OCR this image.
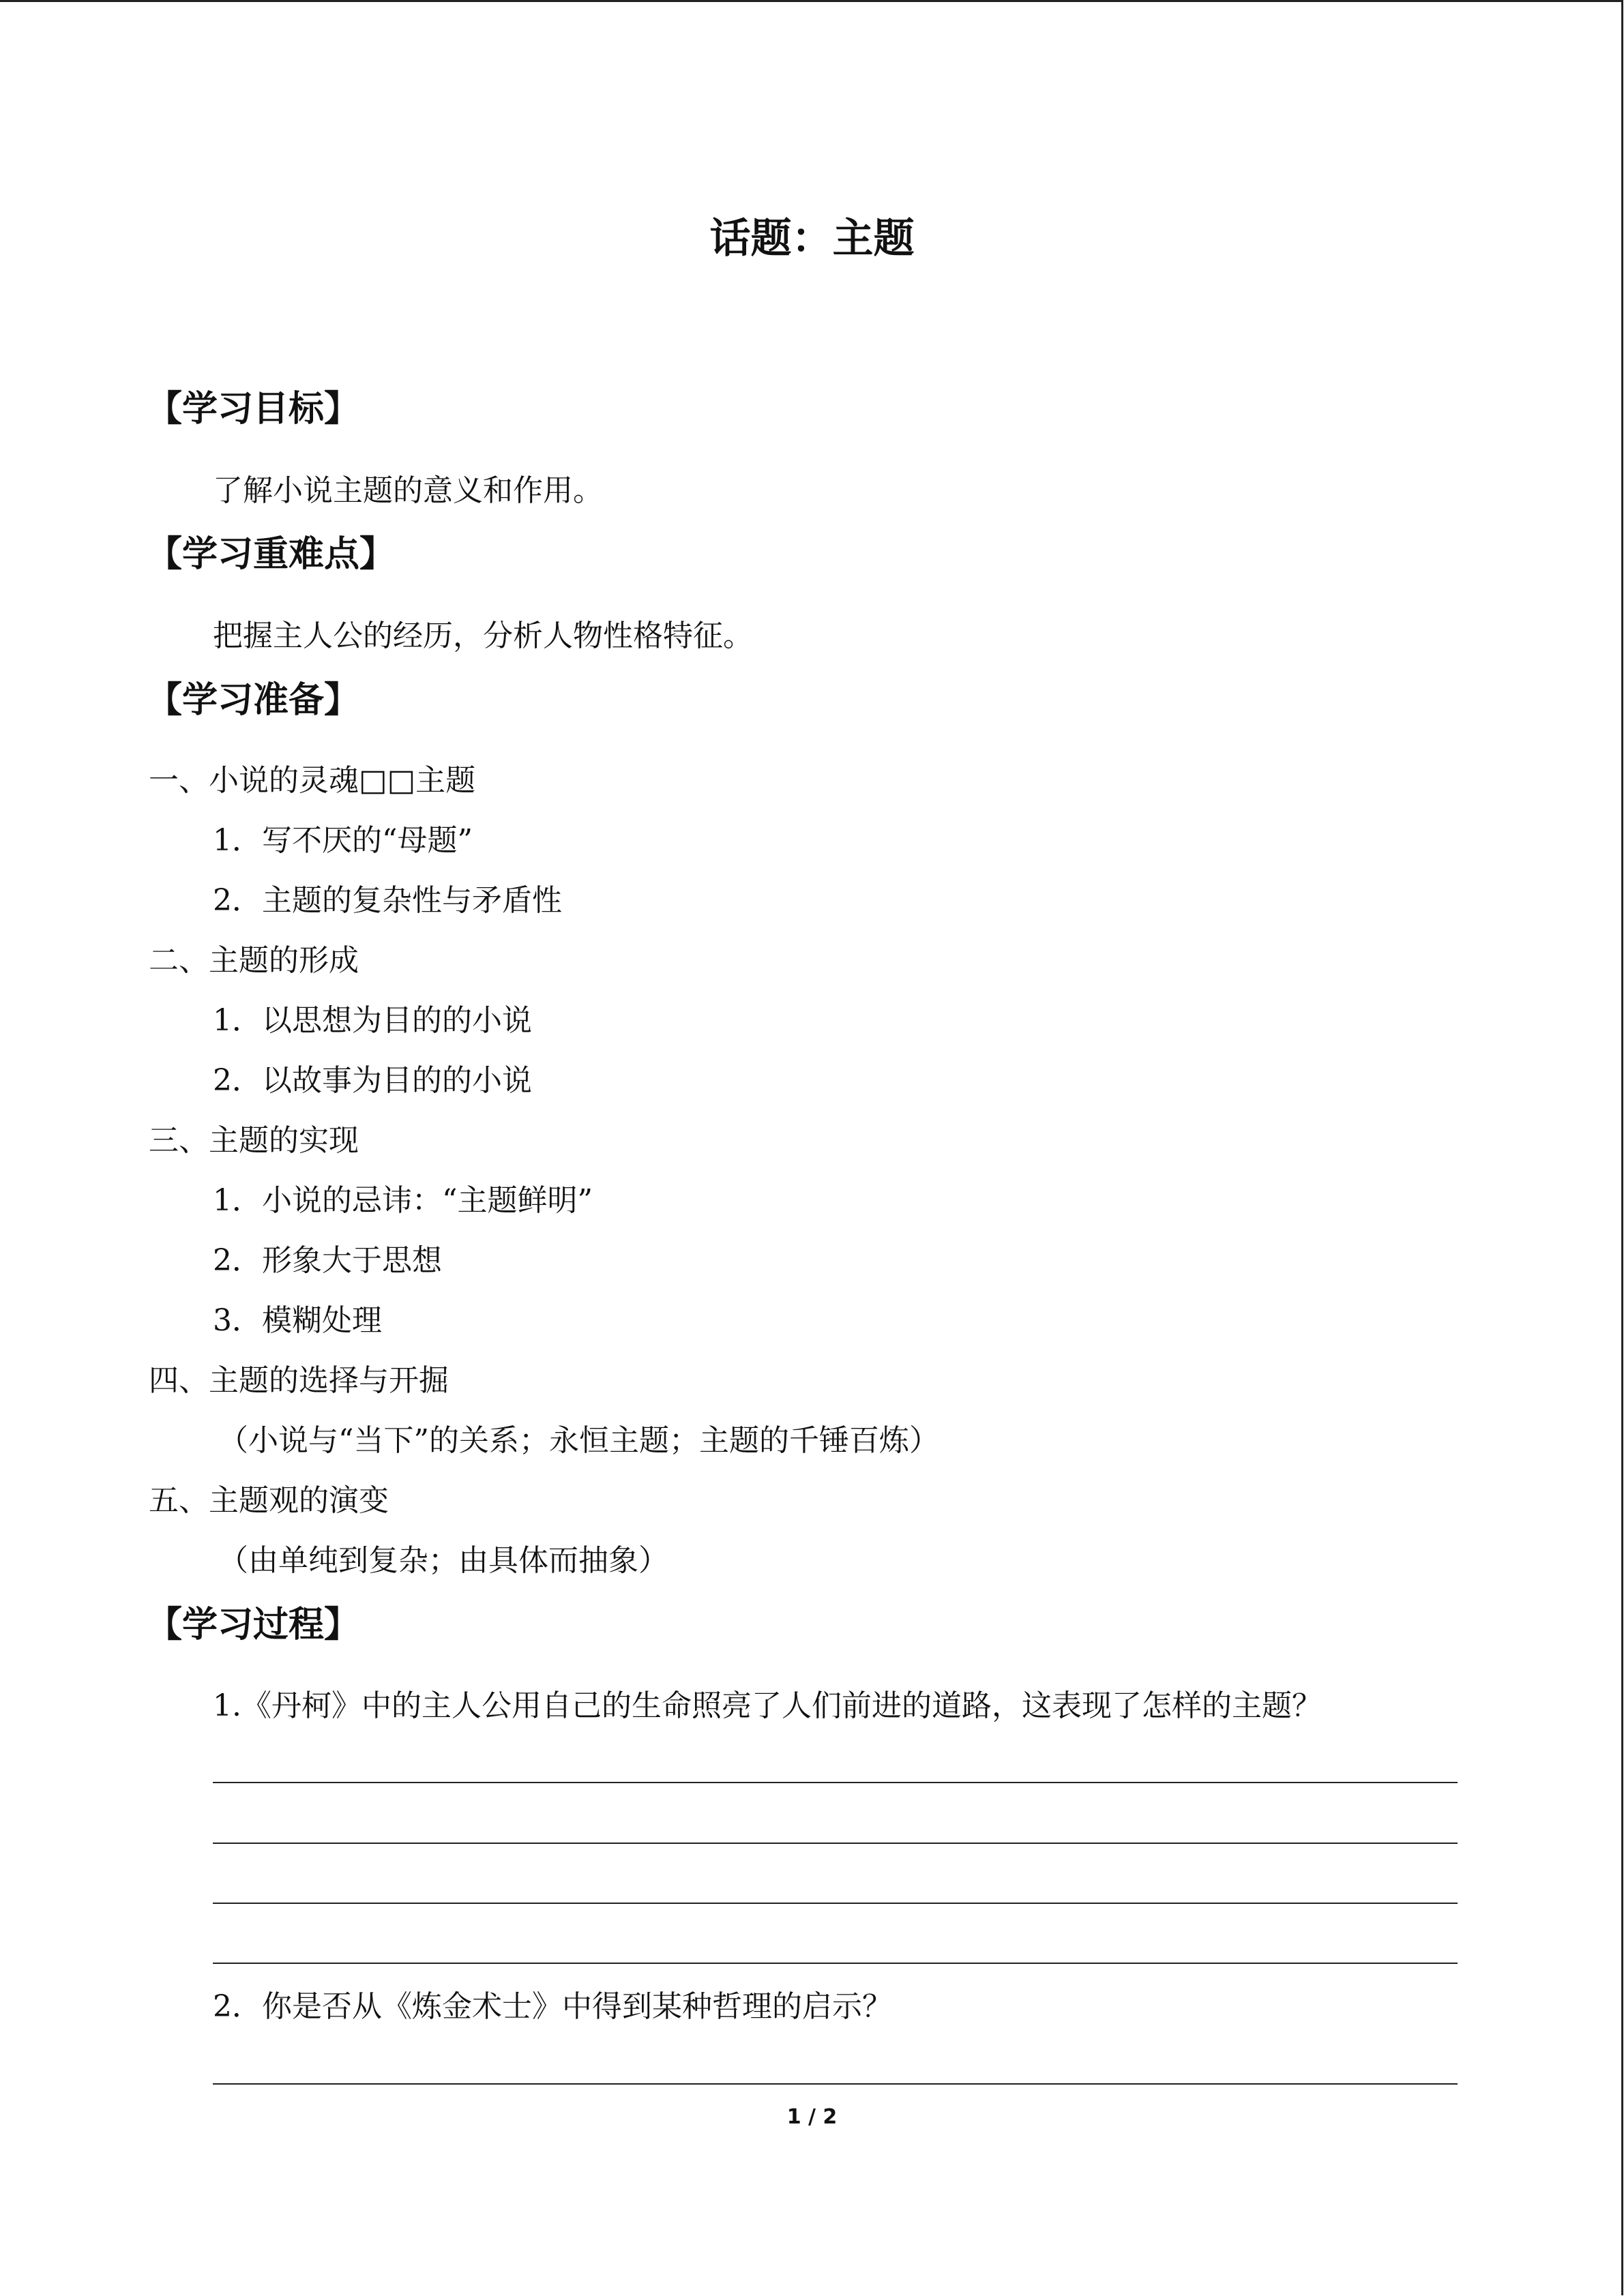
话题：主题
【学习目标】
了解小说主题的意义和作用。
【学习重难点】
把握主人公的经历，分析人物性格特征。
【学习准备】
一、小说的灵魂□□主题
1．写不厌的“母题”
2．主题的复杂性与矛盾性
二、主题的形成
1．以思想为目的的小说
2．以故事为目的的小说
三、主题的实现
1．小说的忌讳：“主题鲜明”
2．形象大于思想
3．模糊处理
四、主题的选择与开掘
（小说与“当下”的关系；永恒主题；主题的千锤百炼）
五、主题观的演变
（由单纯到复杂；由具体而抽象）
【学习过程】
1.《丹柯》中的主人公用自己的生命照亮了人们前进的道路，这表现了怎样的主题？
2．你是否从《炼金术士》中得到某种哲理的启示？
1 / 2
